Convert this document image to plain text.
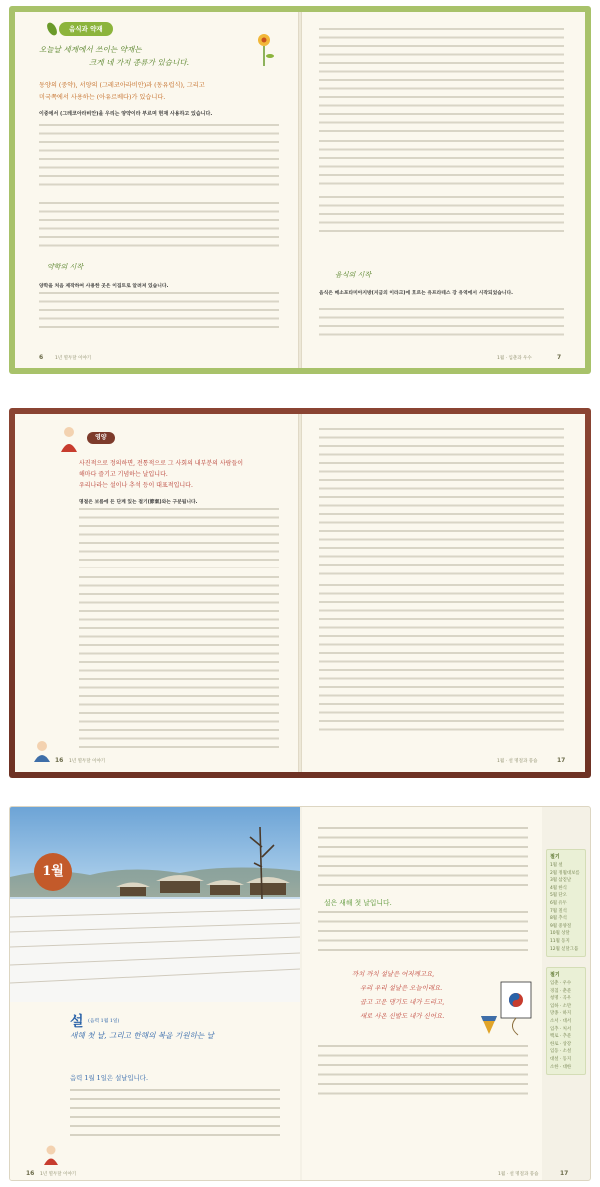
음식과 약재
오늘날 세계에서 쓰이는 약재는
크게 네 가지 종류가 있습니다.
동양의 (중약), 서양의 (그레코아라비안)과 (동유럽식), 그리고
미국쪽에서 사용하는 (아유르베다)가 있습니다.
이중에서 (그레코아라비안)을 우리는 양약이라 부르며 현재 사용하고 있습니다.
약학의 시작
양학을 처음 제작하여 사용한 곳은 이집트로 알려져 있습니다.
음식의 시작
음식은 메소포타미아지방(지금의 이라크)에 흐르는 유프라테스 강 유역에서 시작되었습니다.
1년 열두달 이야기
6	1월 · 입춘과 우수	7
영양
사진적으로 정의하면, 전통적으로 그 사회의 내부분의 사람들이
해마다 즐기고 기념하는 날입니다.
우리나라는 설이나 추석 등이 대표적입니다.
명절은 보름에 든 단계 있는 절기(節氣)와는 구분됩니다.
1년 열두달 이야기
16	1월 · 설 명절과 풍습	17
1월
설 (음력 1월 1일)
새해 첫 날, 그리고 한해의 복을 기원하는 날
음력 1월 1일은 설날입니다.
설은 새해 첫 날입니다.
까치 까치 설날은 어저께고요,
우리 우리 설날은 오늘이래요.
곱고 고운 댕기도 내가 드리고,
새로 사온 신발도 내가 신어요.
절기
1월 설
2월 정월대보름
3월 삼짇날
4월 한식
5월 단오
6월 유두
7월 칠석
8월 추석
9월 중양절
10월 상달
11월 동지
12월 섣달그믐
절기
입춘 · 우수
경칩 · 춘분
청명 · 곡우
입하 · 소만
망종 · 하지
소서 · 대서
입추 · 처서
백로 · 추분
한로 · 상강
입동 · 소설
대설 · 동지
소한 · 대한
1년 열두달 이야기
16	1월 · 설 명절과 풍습	17
